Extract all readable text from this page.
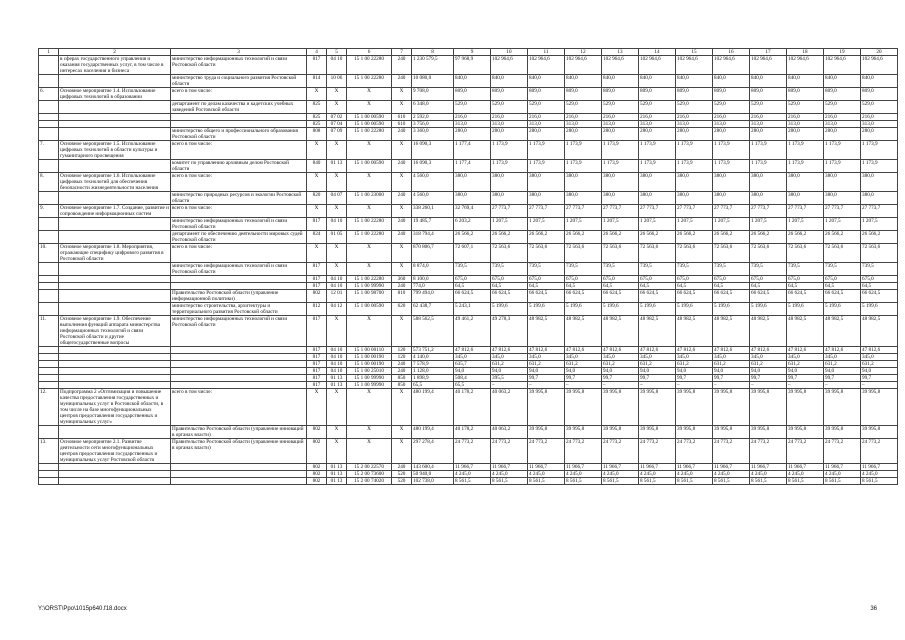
1	2	3	4	5	6	7	8	9	10	11	12	13	14	15	16	17	18	19	20
	в сферах государственного управления и оказания государственных услуг, в том числе в интересах населения и бизнеса	министерство информационных технологий и связи Ростовской области	817	04 10	15 1 00 22280	240	1 230 579,5	97 968,9	102 964,6	102 964,6	102 964,6	102 964,6	102 964,6	102 964,6	102 964,6	102 964,6	102 964,6	102 964,6	102 964,6
		министерство труда и социального развития Ростовской области	814	10 06	15 1 00 22280	240	10 080,0	840,0	840,0	840,0	840,0	840,0	840,0	840,0	840,0	840,0	840,0	840,0	840,0
6.	Основное мероприятие 1.4. Использование цифровых технологий в образовании	всего в том числе:	X	X	X	X	9 708,0	809,0	809,0	809,0	809,0	809,0	809,0	809,0	809,0	809,0	809,0	809,0	809,0
		департамент по делам казачества и кадетских учебных заведений Ростовской области	825	X	X	X	6 348,0	529,0	529,0	529,0	529,0	529,0	529,0	529,0	529,0	529,0	529,0	529,0	529,0
			825	07 02	15 1 00 00590	610	2 592,0	216,0	216,0	216,0	216,0	216,0	216,0	216,0	216,0	216,0	216,0	216,0	216,0
			825	07 04	15 1 00 00590	610	3 756,0	313,0	313,0	313,0	313,0	313,0	313,0	313,0	313,0	313,0	313,0	313,0	313,0
		министерство общего и профессионального образования Ростовской области	808	07 09	15 1 00 22280	240	3 360,0	280,0	280,0	280,0	280,0	280,0	280,0	280,0	280,0	280,0	280,0	280,0	280,0
7.	Основное мероприятие 1.5. Использование цифровых технологий в области культуры и гуманитарного просвещения	всего в том числе:	X	X	X	X	16 090,3	1 177,4	1 173,9	1 173,9	1 173,9	1 173,9	1 173,9	1 173,9	1 173,9	1 173,9	1 173,9	1 173,9	1 173,9
		комитет по управлению архивным делом Ростовской области	840	01 13	15 1 00 00590	240	16 090,3	1 177,4	1 173,9	1 173,9	1 173,9	1 173,9	1 173,9	1 173,9	1 173,9	1 173,9	1 173,9	1 173,9	1 173,9
8.	Основное мероприятие 1.6. Использование цифровых технологий для обеспечения безопасности жизнедеятельности населения	всего в том числе:	X	X	X	X	4 560,0	380,0	380,0	380,0	380,0	380,0	380,0	380,0	380,0	380,0	380,0	380,0	380,0
		министерство природных ресурсов и экологии Ростовской области	820	04 07	15 1 00 23000	240	4 560,0	380,0	380,0	380,0	380,0	380,0	380,0	380,0	380,0	380,0	380,0	380,0	380,0
9.	Основное мероприятие 1.7. Создание, развитие и сопровождение информационных систем	всего в том числе:	X	X	X	X	338 260,1	32 769,4	27 773,7	27 773,7	27 773,7	27 773,7	27 773,7	27 773,7	27 773,7	27 773,7	27 773,7	27 773,7	27 773,7
		министерство информационных технологий и связи Ростовской области	817	04 10	15 1 00 22280	240	19 485,7	6 203,2	1 207,5	1 207,5	1 207,5	1 207,5	1 207,5	1 207,5	1 207,5	1 207,5	1 207,5	1 207,5	1 207,5
		департамент по обеспечению деятельности мировых судей Ростовской области	824	01 05	15 1 00 22280	240	318 794,4	26 566,2	26 566,2	26 566,2	26 566,2	26 566,2	26 566,2	26 566,2	26 566,2	26 566,2	26 566,2	26 566,2	26 566,2
10.	Основное мероприятие 1.8. Мероприятия, отражающие специфику цифрового развития в Ростовской области	всего в том числе:	X	X	X	X	870 806,7	72 607,1	72 563,6	72 563,6	72 563,6	72 563,6	72 563,6	72 563,6	72 563,6	72 563,6	72 563,6	72 563,6	72 563,6
		министерство информационных технологий и связи Ростовской области	817	X	X	X	8 874,0	739,5	739,5	739,5	739,5	739,5	739,5	739,5	739,5	739,5	739,5	739,5	739,5
			817	04 10	15 1 00 22280	360	8 100,0	675,0	675,0	675,0	675,0	675,0	675,0	675,0	675,0	675,0	675,0	675,0	675,0
			817	04 10	15 1 00 99990	240	774,0	64,5	64,5	64,5	64,5	64,5	64,5	64,5	64,5	64,5	64,5	64,5	64,5
		Правительство Ростовской области (управление информационной политики)	802	12 01	15 1 00 98700	810	799 494,0	66 624,5	66 624,5	66 624,5	66 624,5	66 624,5	66 624,5	66 624,5	66 624,5	66 624,5	66 624,5	66 624,5	66 624,5
		министерство строительства, архитектуры и территориального развития Ростовской области	812	04 12	15 1 00 00590	620	62 438,7	5 243,1	5 199,6	5 199,6	5 199,6	5 199,6	5 199,6	5 199,6	5 199,6	5 199,6	5 199,6	5 199,6	5 199,6
11.	Основное мероприятие 1.9. Обеспечение выполнения функций аппарата министерства информационных технологий и связи Ростовской области и другие общегосударственные вопросы	министерство информационных технологий и связи Ростовской области	817	X	X	X	588 562,5	49 461,2	49 278,3	48 982,5	48 982,5	48 982,5	48 982,5	48 982,5	48 982,5	48 982,5	48 982,5	48 982,5	48 982,5
			817	04 10	15 1 00 00110	120	573 751,2	47 812,6	47 812,6	47 812,6	47 812,6	47 812,6	47 812,6	47 812,6	47 812,6	47 812,6	47 812,6	47 812,6	47 812,6
			817	04 10	15 1 00 00190	120	4 140,0	345,0	345,0	345,0	345,0	345,0	345,0	345,0	345,0	345,0	345,0	345,0	345,0
			817	04 10	15 1 00 00190	240	7 578,9	635,7	631,2	631,2	631,2	631,2	631,2	631,2	631,2	631,2	631,2	631,2	631,2
			817	04 10	15 1 00 25010	240	1 128,0	94,0	94,0	94,0	94,0	94,0	94,0	94,0	94,0	94,0	94,0	94,0	94,0
			817	01 13	15 1 00 99990	850	1 898,9	508,4	395,5	99,7	99,7	99,7	99,7	99,7	99,7	99,7	99,7	99,7	99,7
			817	01 13	15 1 00 99990	850	65,5	65,5	–	–	–	–	–	–	–	–	–	–	–
12.	Подпрограмма 2 «Оптимизация и повышение качества предоставления государственных и муниципальных услуг в Ростовской области, в том числе на базе многофункциональных центров предоставления государственных и муниципальных услуг»	всего в том числе:	X	X	X	X	480 199,4	40 178,2	40 063,2	39 995,8	39 995,8	39 995,8	39 995,8	39 995,8	39 995,8	39 995,8	39 995,8	39 995,8	39 995,8
		Правительство Ростовской области (управление инноваций в органах власти)	802	X	X	X	480 199,4	40 178,2	40 063,2	39 995,8	39 995,8	39 995,8	39 995,8	39 995,8	39 995,8	39 995,8	39 995,8	39 995,8	39 995,8
13.	Основное мероприятие 2.1. Развитие деятельности сети многофункциональных центров предоставления государственных и муниципальных услуг Ростовской области	Правительство Ростовской области (управление инноваций в органах власти)	802	X	X	X	297 278,4	24 773,2	24 773,2	24 773,2	24 773,2	24 773,2	24 773,2	24 773,2	24 773,2	24 773,2	24 773,2	24 773,2	24 773,2
			802	01 13	15 2 00 22570	240	143 600,4	11 966,7	11 966,7	11 966,7	11 966,7	11 966,7	11 966,7	11 966,7	11 966,7	11 966,7	11 966,7	11 966,7	11 966,7
			802	01 13	15 2 00 73600	520	50 940,0	4 245,0	4 245,0	4 245,0	4 245,0	4 245,0	4 245,0	4 245,0	4 245,0	4 245,0	4 245,0	4 245,0	4 245,0
			802	01 13	15 2 00 74020	520	102 738,0	8 561,5	8 561,5	8 561,5	8 561,5	8 561,5	8 561,5	8 561,5	8 561,5	8 561,5	8 561,5	8 561,5	8 561,5
Y:\ORST\Ppo\1015p640.f18.docx	36
